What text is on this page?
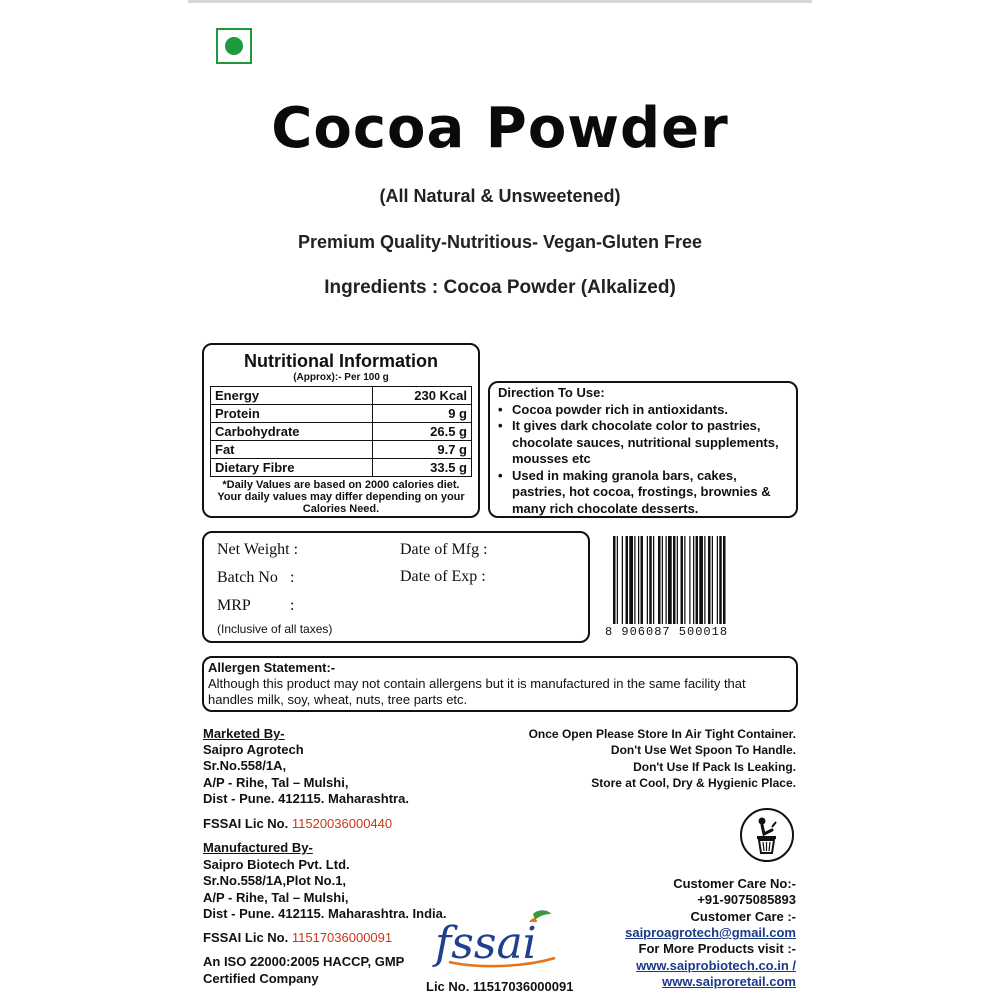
Cocoa Powder
(All Natural & Unsweetened)
Premium Quality-Nutritious- Vegan-Gluten Free
Ingredients : Cocoa Powder (Alkalized)
Nutritional Information
(Approx):- Per 100 g
Energy	230 Kcal
Protein	9 g
Carbohydrate	26.5 g
Fat	9.7 g
Dietary Fibre	33.5 g
*Daily Values are based on 2000 calories diet. Your daily values may differ depending on your Calories Need.
Direction To Use:
• Cocoa powder rich in antioxidants.
• It gives dark chocolate color to pastries, chocolate sauces, nutritional supplements, mousses etc
• Used in making granola bars, cakes, pastries, hot cocoa, frostings, brownies & many rich chocolate desserts.
Net Weight :
Batch No :
MRP :
(Inclusive of all taxes)
Date of Mfg :
Date of Exp :
8 906087 500018
Allergen Statement:-
Although this product may not contain allergens but it is manufactured in the same facility that handles milk, soy, wheat, nuts, tree parts etc.
Marketed By-
Saipro Agrotech
Sr.No.558/1A,
A/P - Rihe, Tal – Mulshi,
Dist - Pune. 412115. Maharashtra.
FSSAI Lic No. 11520036000440
Once Open Please Store In Air Tight Container.
Don't Use Wet Spoon To Handle.
Don't Use If Pack Is Leaking.
Store at Cool, Dry & Hygienic Place.
Manufactured By-
Saipro Biotech Pvt. Ltd.
Sr.No.558/1A,Plot No.1,
A/P - Rihe, Tal – Mulshi,
Dist - Pune. 412115. Maharashtra. India.
FSSAI Lic No. 11517036000091
An ISO 22000:2005 HACCP, GMP
Certified Company
fssai
Lic No. 11517036000091
Customer Care No:-
+91-9075085893
Customer Care :-
saiproagrotech@gmail.com
For More Products visit :-
www.saiprobiotech.co.in /
www.saiproretail.com
